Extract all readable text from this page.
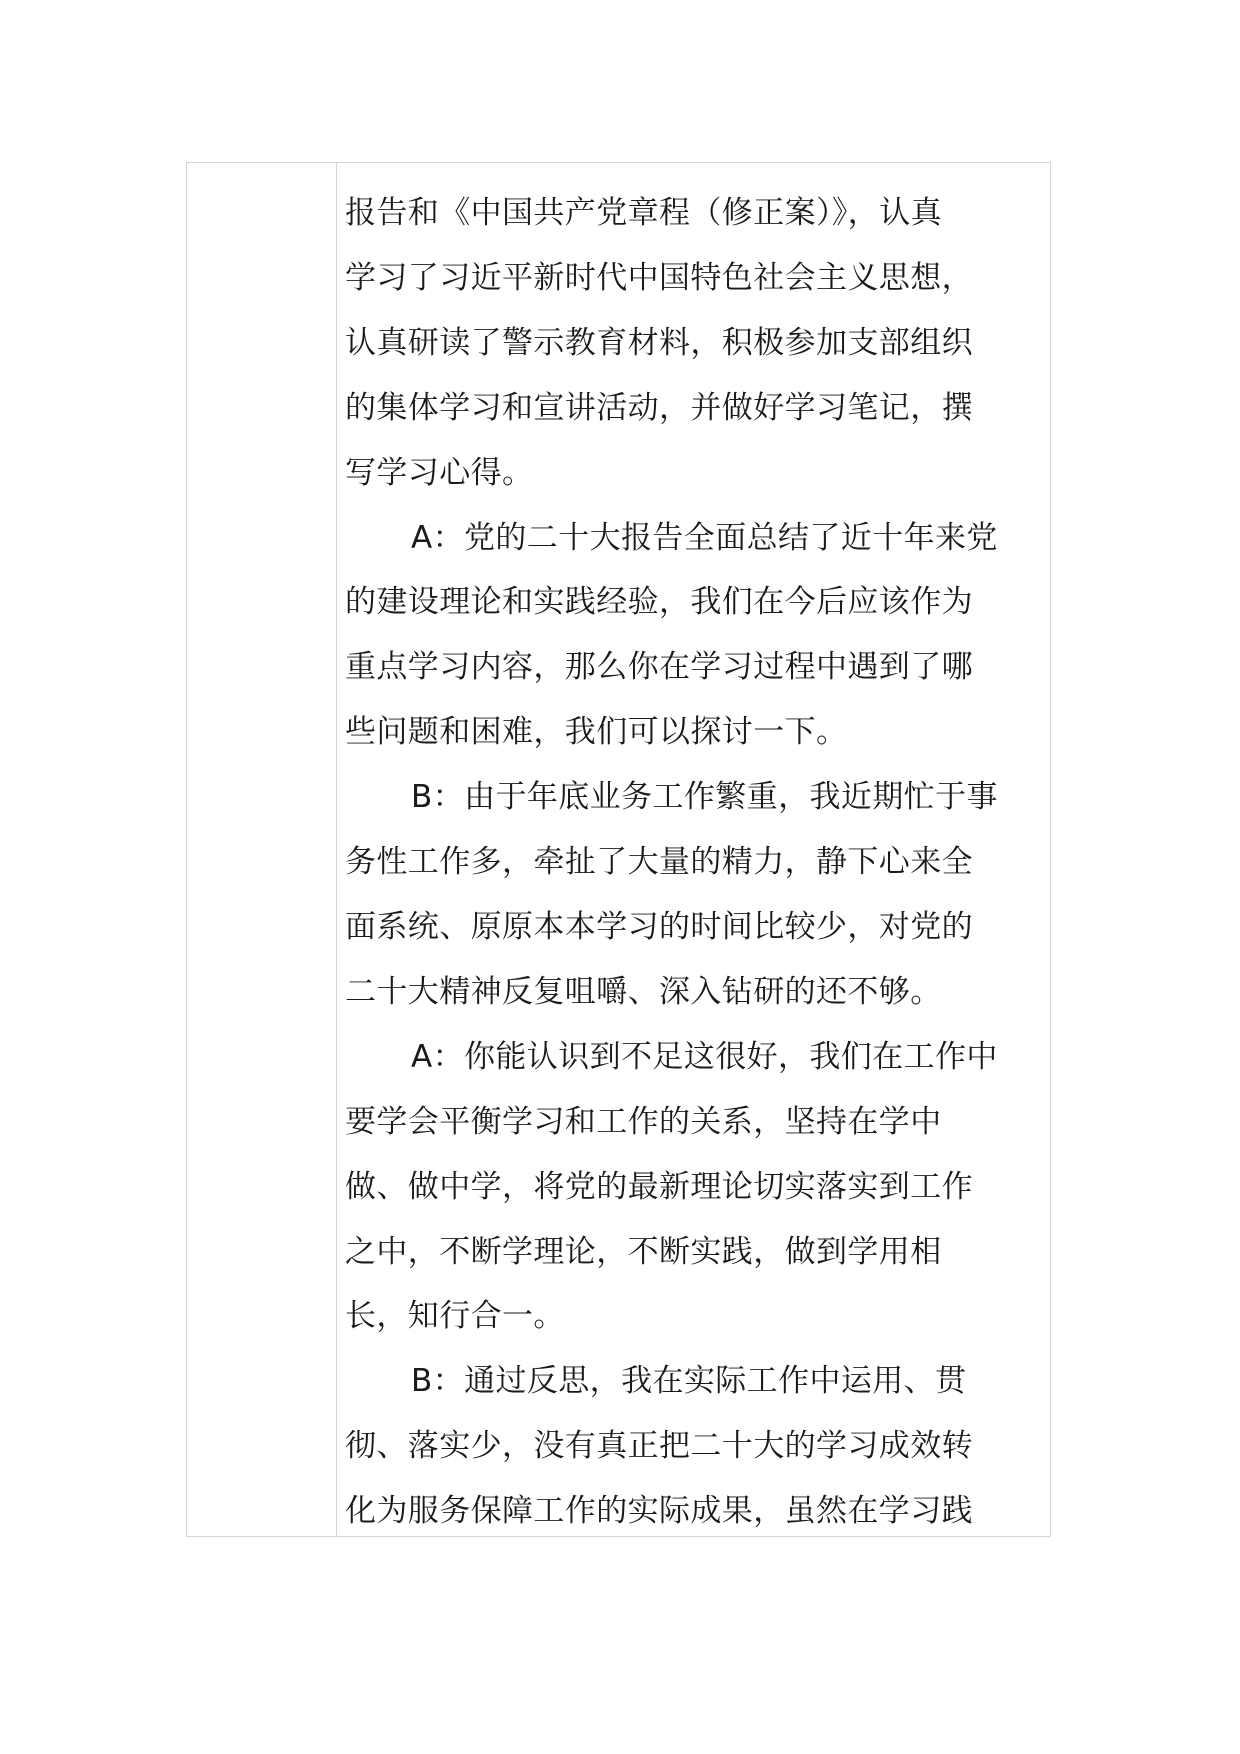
报告和《中国共产党章程（修正案）》，认真
学习了习近平新时代中国特色社会主义思想，
认真研读了警示教育材料，积极参加支部组织
的集体学习和宣讲活动，并做好学习笔记，撰
写学习心得。

A：党的二十大报告全面总结了近十年来党
的建设理论和实践经验，我们在今后应该作为
重点学习内容，那么你在学习过程中遇到了哪
些问题和困难，我们可以探讨一下。

B：由于年底业务工作繁重，我近期忙于事
务性工作多，牵扯了大量的精力，静下心来全
面系统、原原本本学习的时间比较少，对党的
二十大精神反复咀嚼、深入钻研的还不够。

A：你能认识到不足这很好，我们在工作中
要学会平衡学习和工作的关系，坚持在学中
做、做中学，将党的最新理论切实落实到工作
之中，不断学理论，不断实践，做到学用相
长，知行合一。

B：通过反思，我在实际工作中运用、贯
彻、落实少，没有真正把二十大的学习成效转
化为服务保障工作的实际成果，虽然在学习践
